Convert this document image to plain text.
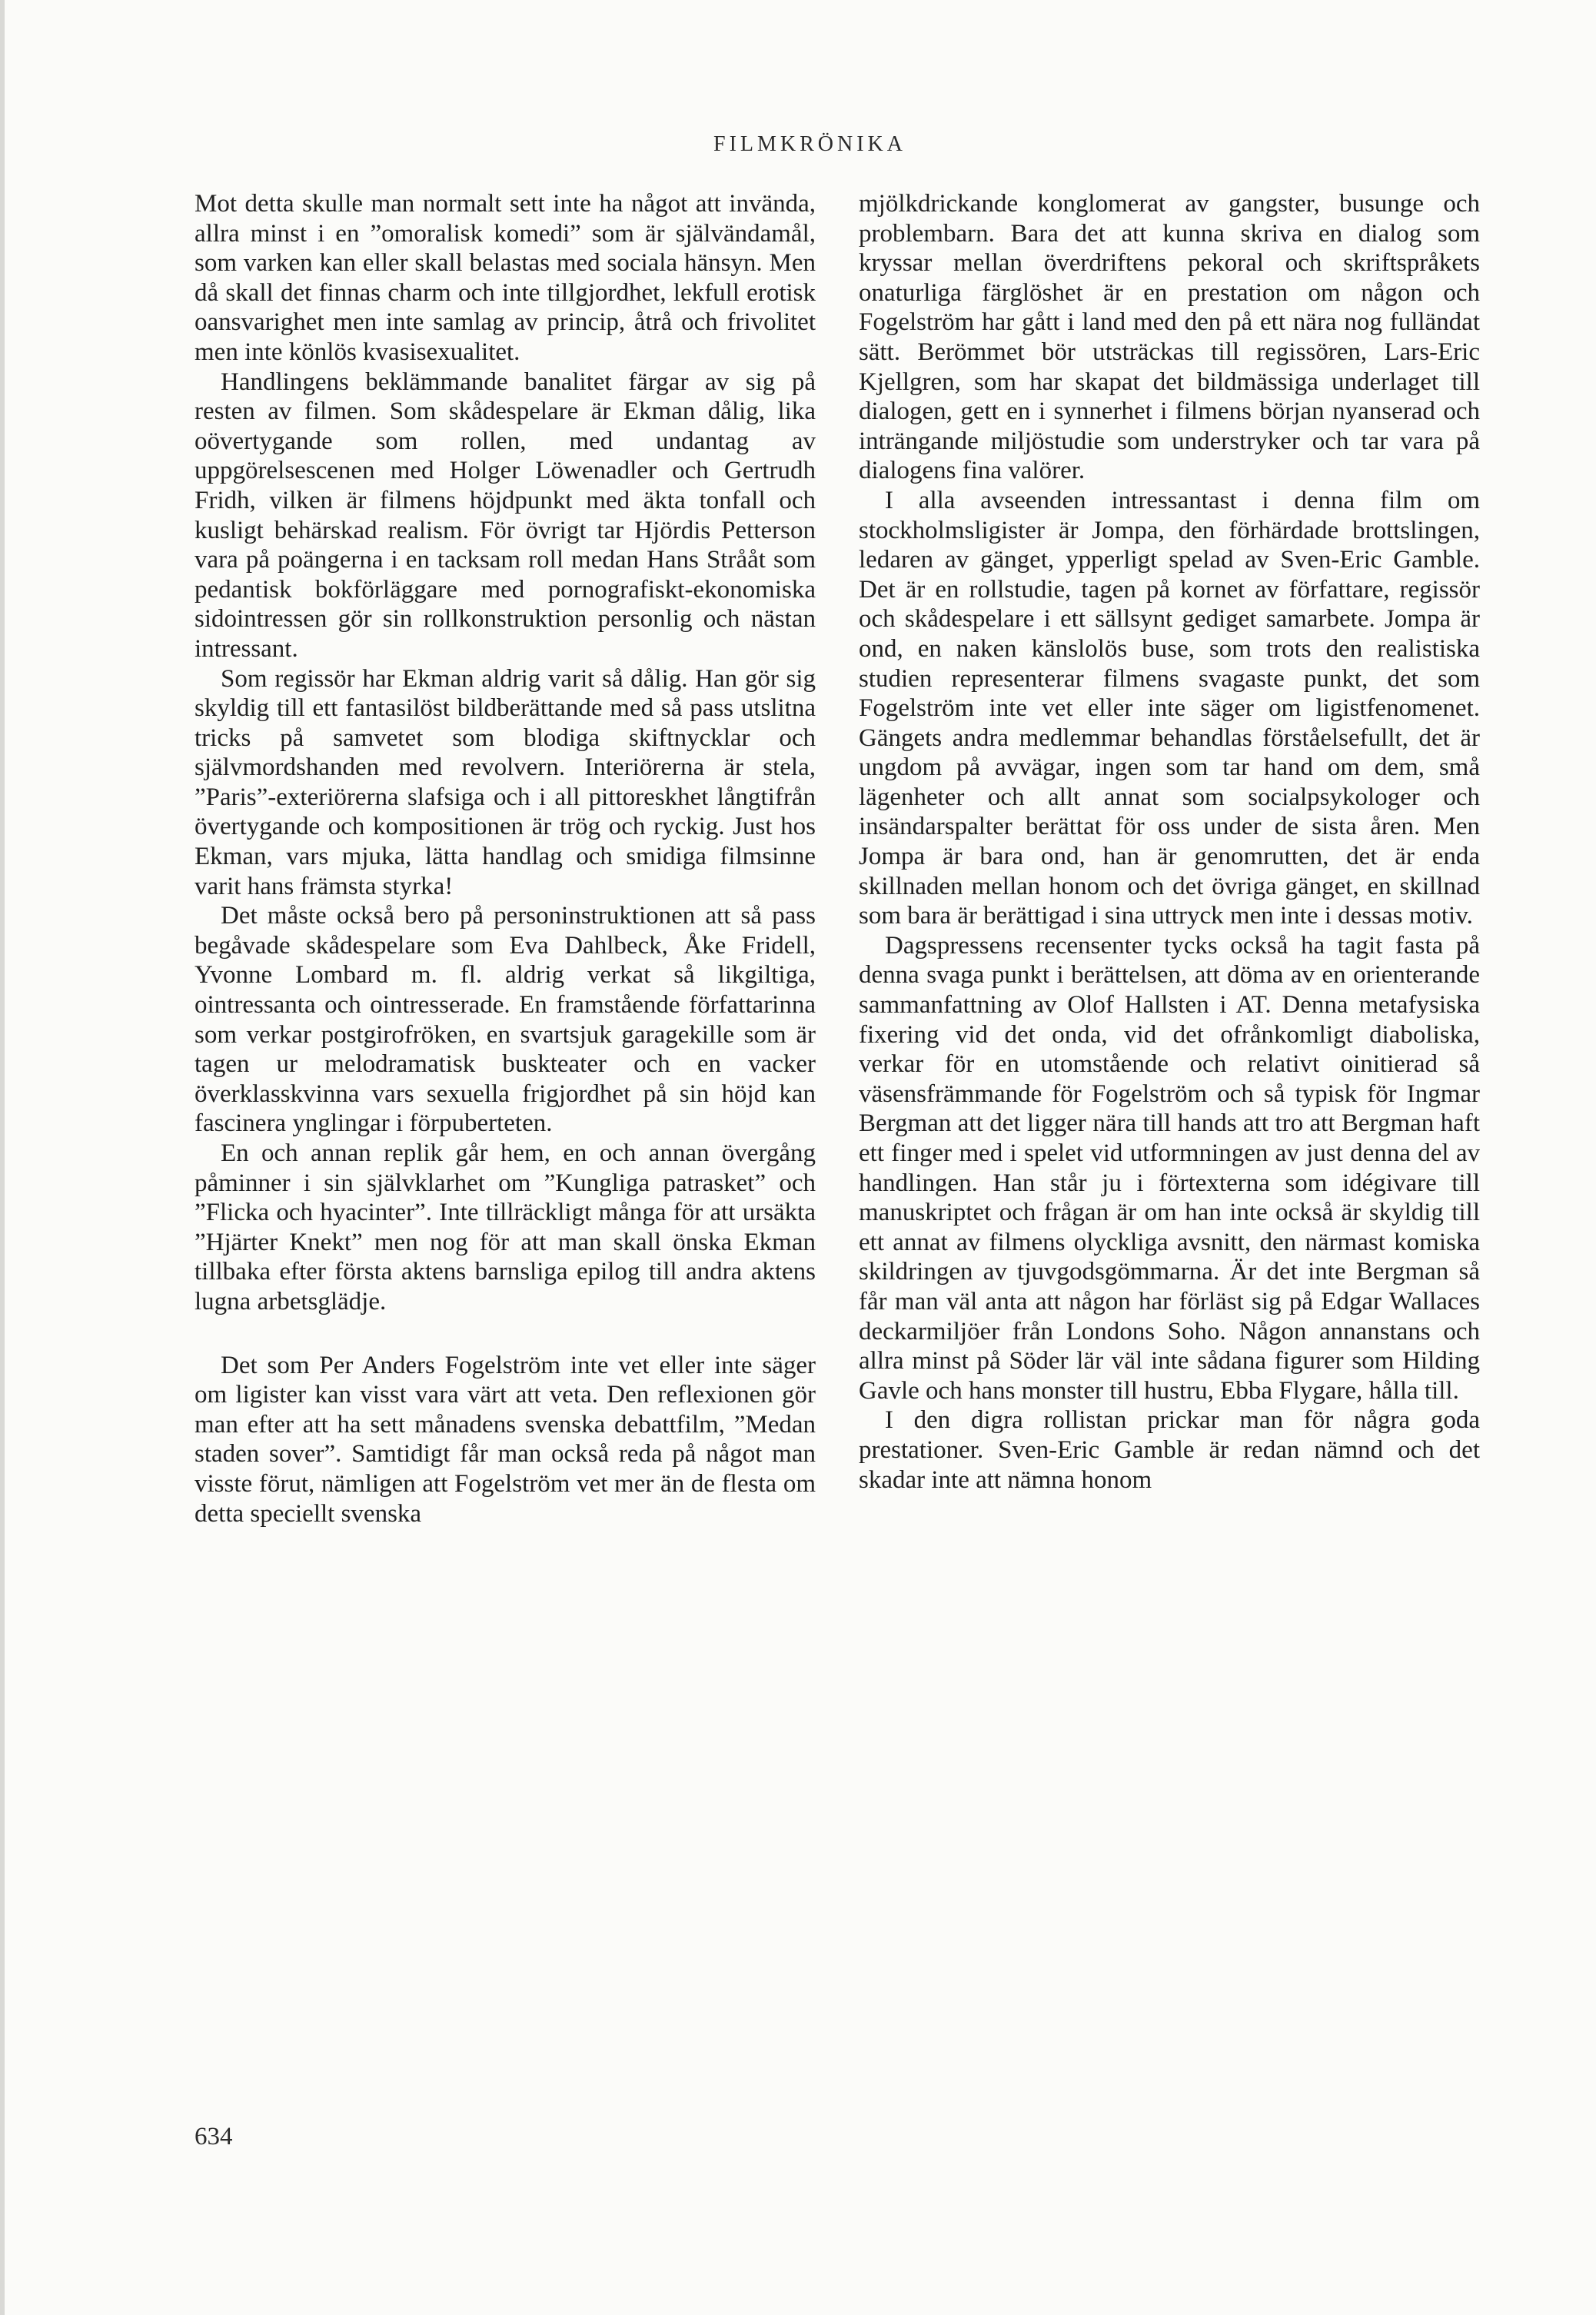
FILMKRÖNIKA

Mot detta skulle man normalt sett inte ha något att invända, allra minst i en ”omoralisk komedi” som är självändamål, som varken kan eller skall belastas med sociala hänsyn. Men då skall det finnas charm och inte tillgjordhet, lekfull erotisk oansvarighet men inte samlag av princip, åtrå och frivolitet men inte könlös kvasisexualitet.

Handlingens beklämmande banalitet färgar av sig på resten av filmen. Som skådespelare är Ekman dålig, lika oövertygande som rollen, med undantag av uppgörelsescenen med Holger Löwenadler och Gertrudh Fridh, vilken är filmens höjdpunkt med äkta tonfall och kusligt behärskad realism. För övrigt tar Hjördis Petterson vara på poängerna i en tacksam roll medan Hans Strååt som pedantisk bokförläggare med pornografiskt-ekonomiska sidointressen gör sin rollkonstruktion personlig och nästan intressant.

Som regissör har Ekman aldrig varit så dålig. Han gör sig skyldig till ett fantasilöst bildberättande med så pass utslitna tricks på samvetet som blodiga skiftnycklar och självmordshanden med revolvern. Interiörerna är stela, ”Paris”-exteriörerna slafsiga och i all pittoreskhet långtifrån övertygande och kompositionen är trög och ryckig. Just hos Ekman, vars mjuka, lätta handlag och smidiga filmsinne varit hans främsta styrka!

Det måste också bero på personinstruktionen att så pass begåvade skådespelare som Eva Dahlbeck, Åke Fridell, Yvonne Lombard m. fl. aldrig verkat så likgiltiga, ointressanta och ointresserade. En framstående författarinna som verkar postgirofröken, en svartsjuk garagekille som är tagen ur melodramatisk buskteater och en vacker överklasskvinna vars sexuella frigjordhet på sin höjd kan fascinera ynglingar i förpuberteten.

En och annan replik går hem, en och annan övergång påminner i sin självklarhet om ”Kungliga patrasket” och ”Flicka och hyacinter”. Inte tillräckligt många för att ursäkta ”Hjärter Knekt” men nog för att man skall önska Ekman tillbaka efter första aktens barnsliga epilog till andra aktens lugna arbetsglädje.

Det som Per Anders Fogelström inte vet eller inte säger om ligister kan visst vara värt att veta. Den reflexionen gör man efter att ha sett månadens svenska debattfilm, ”Medan staden sover”. Samtidigt får man också reda på något man visste förut, nämligen att Fogelström vet mer än de flesta om detta speciellt svenska

mjölkdrickande konglomerat av gangster, busunge och problembarn. Bara det att kunna skriva en dialog som kryssar mellan överdriftens pekoral och skriftspråkets onaturliga färglöshet är en prestation om någon och Fogelström har gått i land med den på ett nära nog fulländat sätt. Berömmet bör utsträckas till regissören, Lars-Eric Kjellgren, som har skapat det bildmässiga underlaget till dialogen, gett en i synnerhet i filmens början nyanserad och inträngande miljöstudie som understryker och tar vara på dialogens fina valörer.

I alla avseenden intressantast i denna film om stockholmsligister är Jompa, den förhärdade brottslingen, ledaren av gänget, ypperligt spelad av Sven-Eric Gamble. Det är en rollstudie, tagen på kornet av författare, regissör och skådespelare i ett sällsynt gediget samarbete. Jompa är ond, en naken känslolös buse, som trots den realistiska studien representerar filmens svagaste punkt, det som Fogelström inte vet eller inte säger om ligistfenomenet. Gängets andra medlemmar behandlas förståelsefullt, det är ungdom på avvägar, ingen som tar hand om dem, små lägenheter och allt annat som socialpsykologer och insändarspalter berättat för oss under de sista åren. Men Jompa är bara ond, han är genomrutten, det är enda skillnaden mellan honom och det övriga gänget, en skillnad som bara är berättigad i sina uttryck men inte i dessas motiv.

Dagspressens recensenter tycks också ha tagit fasta på denna svaga punkt i berättelsen, att döma av en orienterande sammanfattning av Olof Hallsten i AT. Denna metafysiska fixering vid det onda, vid det ofrånkomligt diaboliska, verkar för en utomstående och relativt oinitierad så väsensfrämmande för Fogelström och så typisk för Ingmar Bergman att det ligger nära till hands att tro att Bergman haft ett finger med i spelet vid utformningen av just denna del av handlingen. Han står ju i förtexterna som idégivare till manuskriptet och frågan är om han inte också är skyldig till ett annat av filmens olyckliga avsnitt, den närmast komiska skildringen av tjuvgodsgömmarna. Är det inte Bergman så får man väl anta att någon har förläst sig på Edgar Wallaces deckarmiljöer från Londons Soho. Någon annanstans och allra minst på Söder lär väl inte sådana figurer som Hilding Gavle och hans monster till hustru, Ebba Flygare, hålla till.

I den digra rollistan prickar man för några goda prestationer. Sven-Eric Gamble är redan nämnd och det skadar inte att nämna honom

634
